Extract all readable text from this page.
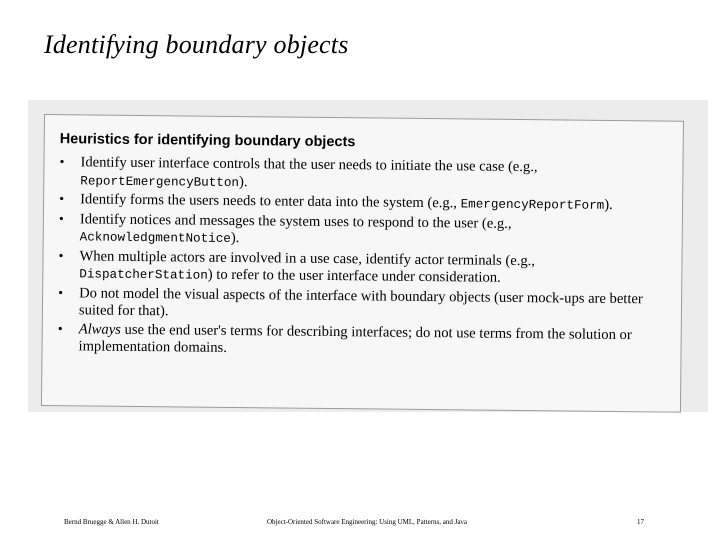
Identifying boundary objects
Heuristics for identifying boundary objects
• Identify user interface controls that the user needs to initiate the use case (e.g., ReportEmergencyButton).
• Identify forms the users needs to enter data into the system (e.g., EmergencyReportForm).
• Identify notices and messages the system uses to respond to the user (e.g., AcknowledgmentNotice).
• When multiple actors are involved in a use case, identify actor terminals (e.g., DispatcherStation) to refer to the user interface under consideration.
• Do not model the visual aspects of the interface with boundary objects (user mock-ups are better suited for that).
• Always use the end user's terms for describing interfaces; do not use terms from the solution or implementation domains.
Bernd Bruegge & Allen H. Dutoit	Object-Oriented Software Engineering: Using UML, Patterns, and Java	17
